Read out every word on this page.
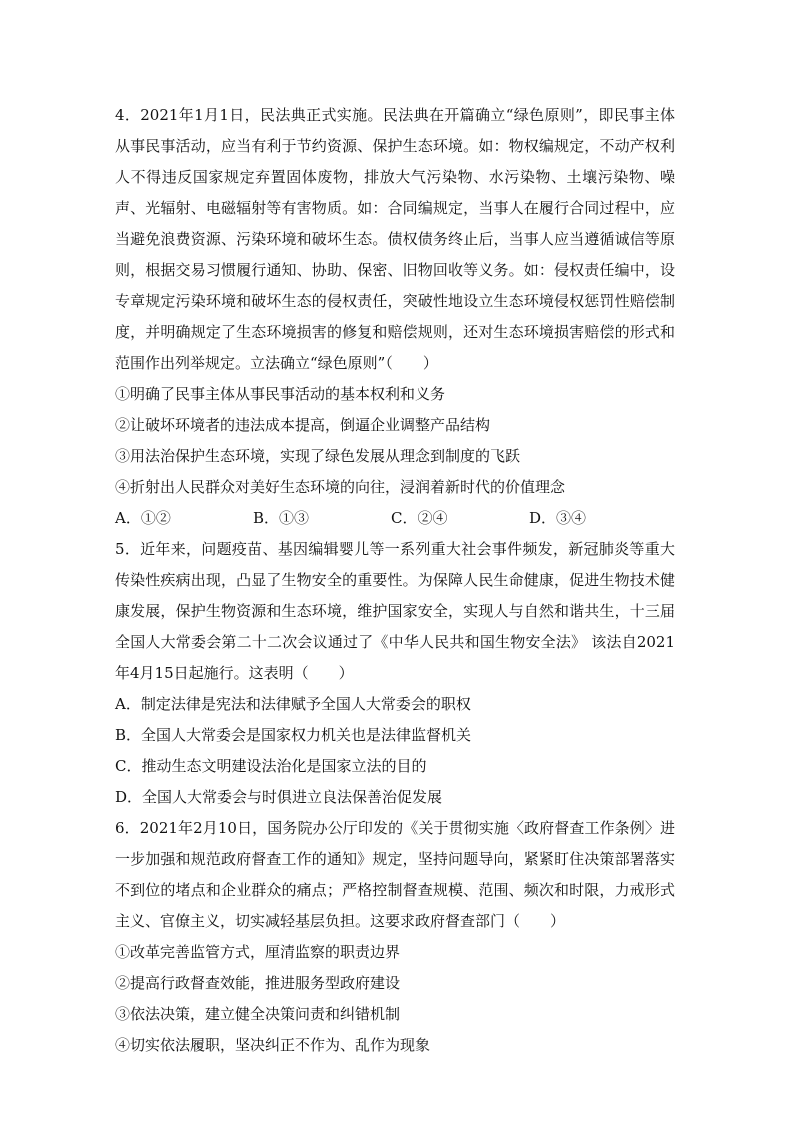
4．2021年1月1日，民法典正式实施。民法典在开篇确立“绿色原则”，即民事主体从事民事活动，应当有利于节约资源、保护生态环境。如：物权编规定，不动产权利人不得违反国家规定弃置固体废物，排放大气污染物、水污染物、土壤污染物、噪声、光辐射、电磁辐射等有害物质。如：合同编规定，当事人在履行合同过程中，应当避免浪费资源、污染环境和破坏生态。债权债务终止后，当事人应当遵循诚信等原则，根据交易习惯履行通知、协助、保密、旧物回收等义务。如：侵权责任编中，设专章规定污染环境和破坏生态的侵权责任，突破性地设立生态环境侵权惩罚性赔偿制度，并明确规定了生态环境损害的修复和赔偿规则，还对生态环境损害赔偿的形式和范围作出列举规定。立法确立“绿色原则”（　　）

①明确了民事主体从事民事活动的基本权利和义务

②让破坏环境者的违法成本提高，倒逼企业调整产品结构

③用法治保护生态环境，实现了绿色发展从理念到制度的飞跃

④折射出人民群众对美好生态环境的向往，浸润着新时代的价值理念

A．①②	B．①③	C．②④	D．③④

5．近年来，问题疫苗、基因编辑婴儿等一系列重大社会事件频发，新冠肺炎等重大传染性疾病出现，凸显了生物安全的重要性。为保障人民生命健康，促进生物技术健康发展，保护生物资源和生态环境，维护国家安全，实现人与自然和谐共生，十三届全国人大常委会第二十二次会议通过了《中华人民共和国生物安全法》 该法自2021年4月15日起施行。这表明（　　）

A．制定法律是宪法和法律赋予全国人大常委会的职权

B．全国人大常委会是国家权力机关也是法律监督机关

C．推动生态文明建设法治化是国家立法的目的

D．全国人大常委会与时俱进立良法保善治促发展

6．2021年2月10日，国务院办公厅印发的《关于贯彻实施〈政府督查工作条例〉进一步加强和规范政府督查工作的通知》规定，坚持问题导向，紧紧盯住决策部署落实不到位的堵点和企业群众的痛点；严格控制督查规模、范围、频次和时限，力戒形式主义、官僚主义，切实减轻基层负担。这要求政府督查部门（　　）

①改革完善监管方式，厘清监察的职责边界

②提高行政督查效能，推进服务型政府建设

③依法决策，建立健全决策问责和纠错机制

④切实依法履职，坚决纠正不作为、乱作为现象
